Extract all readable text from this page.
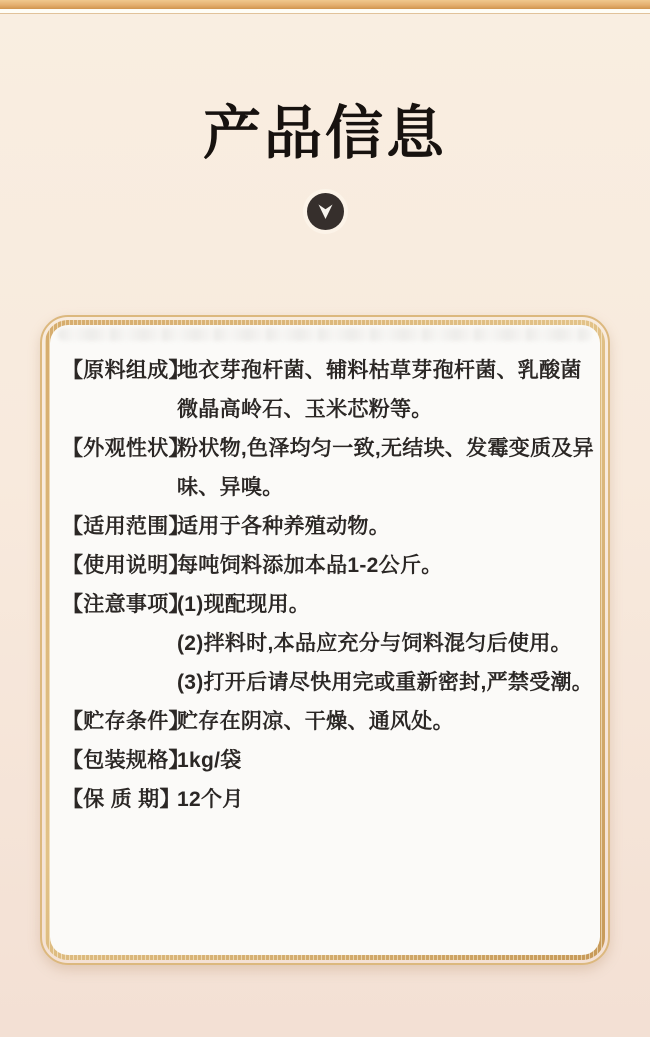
产品信息
【原料组成】
地衣芽孢杆菌、辅料枯草芽孢杆菌、乳酸菌
微晶高岭石、玉米芯粉等。
【外观性状】
粉状物,色泽均匀一致,无结块、发霉变质及异
味、异嗅。
【适用范围】
适用于各种养殖动物。
【使用说明】
每吨饲料添加本品1-2公斤。
【注意事项】
(1)现配现用。
(2)拌料时,本品应充分与饲料混匀后使用。
(3)打开后请尽快用完或重新密封,严禁受潮。
【贮存条件】
贮存在阴凉、干燥、通风处。
【包装规格】
1kg/袋
【保 质 期】
12个月
